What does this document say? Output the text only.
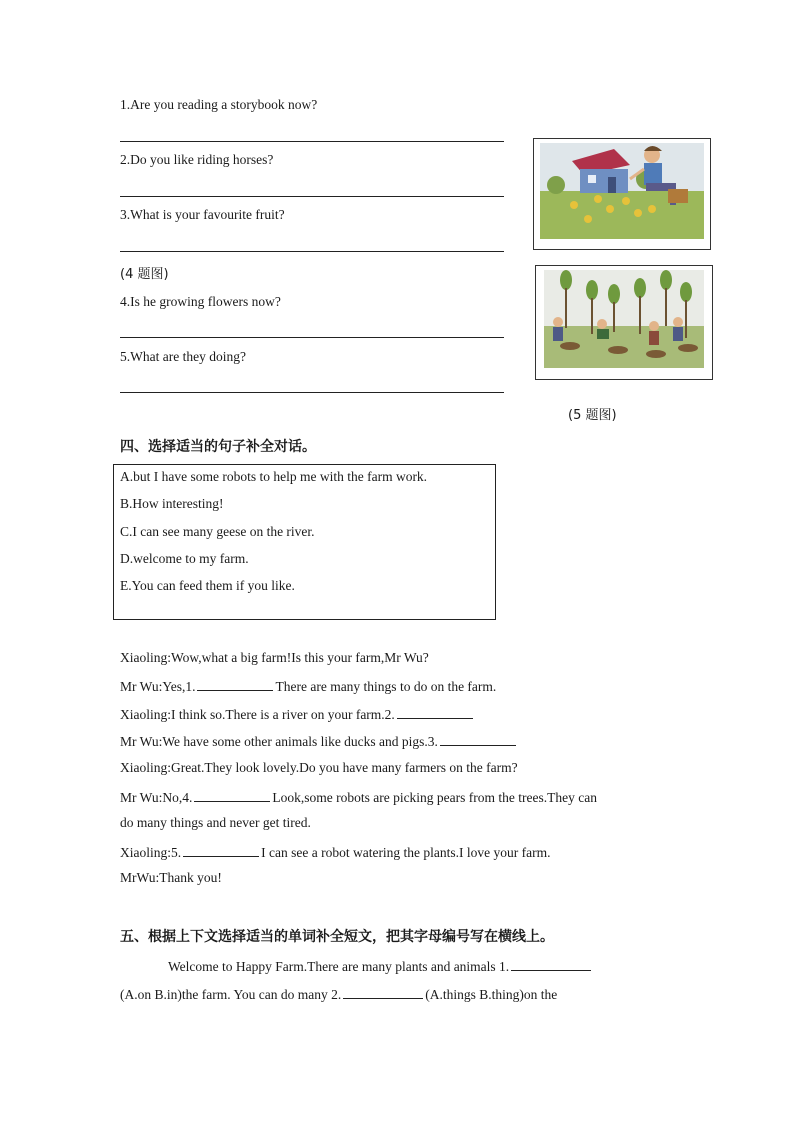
1.Are you reading a storybook now?
2.Do you like riding horses?
3.What is your favourite fruit?
(4 题图)
4.Is he growing flowers now?
5.What are they doing?
(5 题图)
四、选择适当的句子补全对话。
A.but I have some robots to help me with the farm work.
B.How interesting!
C.I can see many geese on the river.
D.welcome to my farm.
E.You can feed them if you like.
Xiaoling:Wow,what a big farm!Is this your farm,Mr Wu?
Mr Wu:Yes,1.	There are many things to do on the farm.
Xiaoling:I think so.There is a river on your farm.2.
Mr Wu:We have some other animals like ducks and pigs.3.
Xiaoling:Great.They look lovely.Do you have many farmers on the farm?
Mr Wu:No,4.	Look,some robots are picking pears from the trees.They can
do many things and never get tired.
Xiaoling:5.	I can see a robot watering the plants.I love your farm.
MrWu:Thank you!
五、根据上下文选择适当的单词补全短文，把其字母编号写在横线上。
Welcome to Happy Farm.There are many plants and animals 1.
(A.on B.in)the farm. You can do many 2.	(A.things B.thing)on the
